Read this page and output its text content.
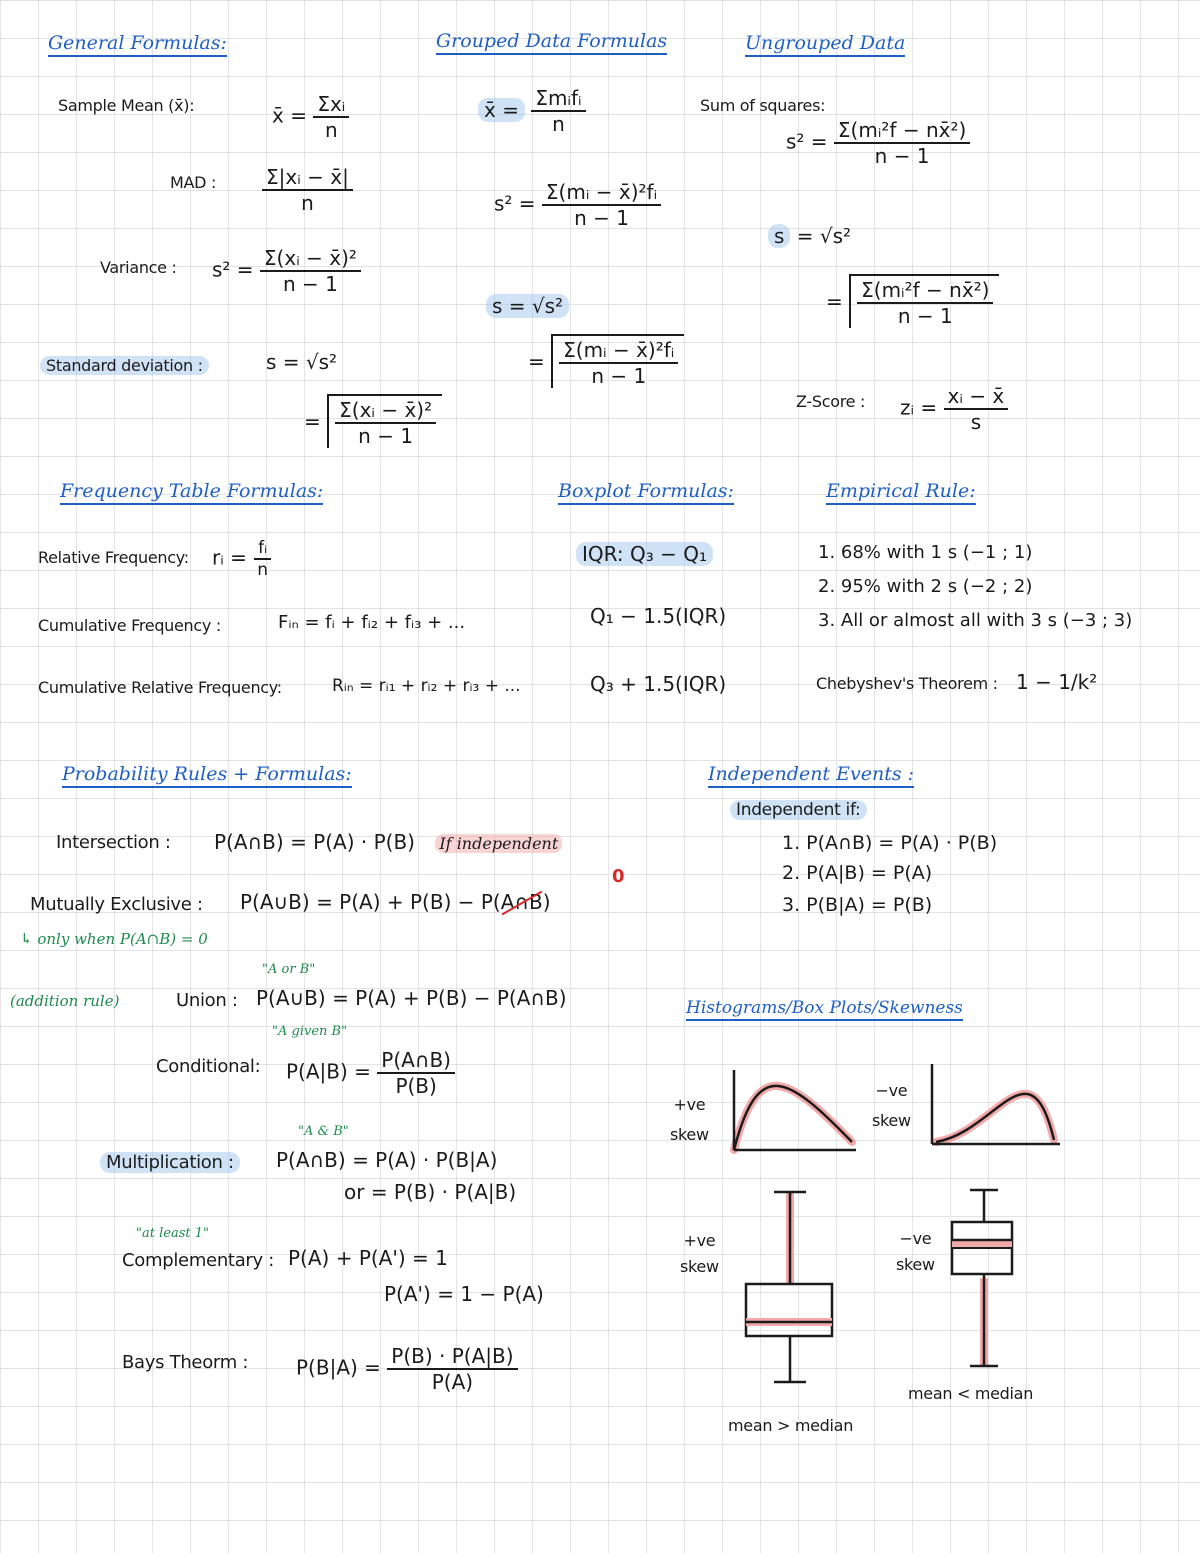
General Formulas:
Sample Mean (x̄):	x̄ = $\frac{\text{Σxᵢ}}{n}$
MAD : $\frac{\text{Σ|xᵢ − x̄|}}{n}$
Variance : $s^2 = \frac{\text{Σ(xᵢ − x̄)²}}{n - 1}$
Standard deviation :	s = √s²
= $\frac{\text{Σ(xᵢ − x̄)²}}{n - 1}$
Grouped Data Formulas
x̄ = $\frac{\text{Σmᵢfᵢ}}{n}$
$s^2 = \frac{\text{Σ(mᵢ − x̄)²fᵢ}}{n - 1}$
s = √s²
= $\frac{\text{Σ(mᵢ − x̄)²fᵢ}}{n - 1}$
Ungrouped Data
Sum of squares:
$s^2 = \frac{\text{Σ(mᵢ²f − nx̄²)}}{n - 1}$
s = √s²
= $\frac{\text{Σ(mᵢ²f − nx̄²)}}{n - 1}$
Z-Score : zᵢ = $\frac{\text{xᵢ − x̄}}{s}$
Frequency Table Formulas:
Relative Frequency: rᵢ = $\frac{\text{fᵢ}}{n}$
Cumulative Frequency :	Fᵢₙ = fᵢ + fᵢ₂ + fᵢ₃ + ...
Cumulative Relative Frequency:	Rᵢₙ = rᵢ₁ + rᵢ₂ + rᵢ₃ + ...
Boxplot Formulas:
IQR: Q₃ − Q₁
Q₁ − 1.5(IQR)
Q₃ + 1.5(IQR)
Empirical Rule:
1. 68% with 1 s (−1 ; 1)
2. 95% with 2 s (−2 ; 2)
3. All or almost all with 3 s (−3 ; 3)
Chebyshev's Theorem : 1 − 1/k²
Probability Rules + Formulas:
Intersection : P(A∩B) = P(A) · P(B) If independent
Mutually Exclusive : P(A∪B) = P(A) + P(B) − P(A∩B)
0
↳ only when P(A∩B) = 0
"A or B"
(addition rule)	Union : P(A∪B) = P(A) + P(B) − P(A∩B)
"A given B"
Conditional: $P(A|B) = \frac{P(A\cap B)}{P(B)}$
"A & B"
Multiplication :	P(A∩B) = P(A) · P(B|A)
or = P(B) · P(A|B)
"at least 1"
Complementary : P(A) + P(A') = 1
P(A') = 1 − P(A)
Bays Theorm : $P(B|A) = \frac{P(B) \cdot P(A|B)}{P(A)}$
Independent Events :
Independent if:
1. P(A∩B) = P(A) · P(B)
2. P(A|B) = P(A)
3. P(B|A) = P(B)
Histograms/Box Plots/Skewness
+ve
skew
−ve
skew
+ve
skew
mean > median
−ve
skew
mean < median
